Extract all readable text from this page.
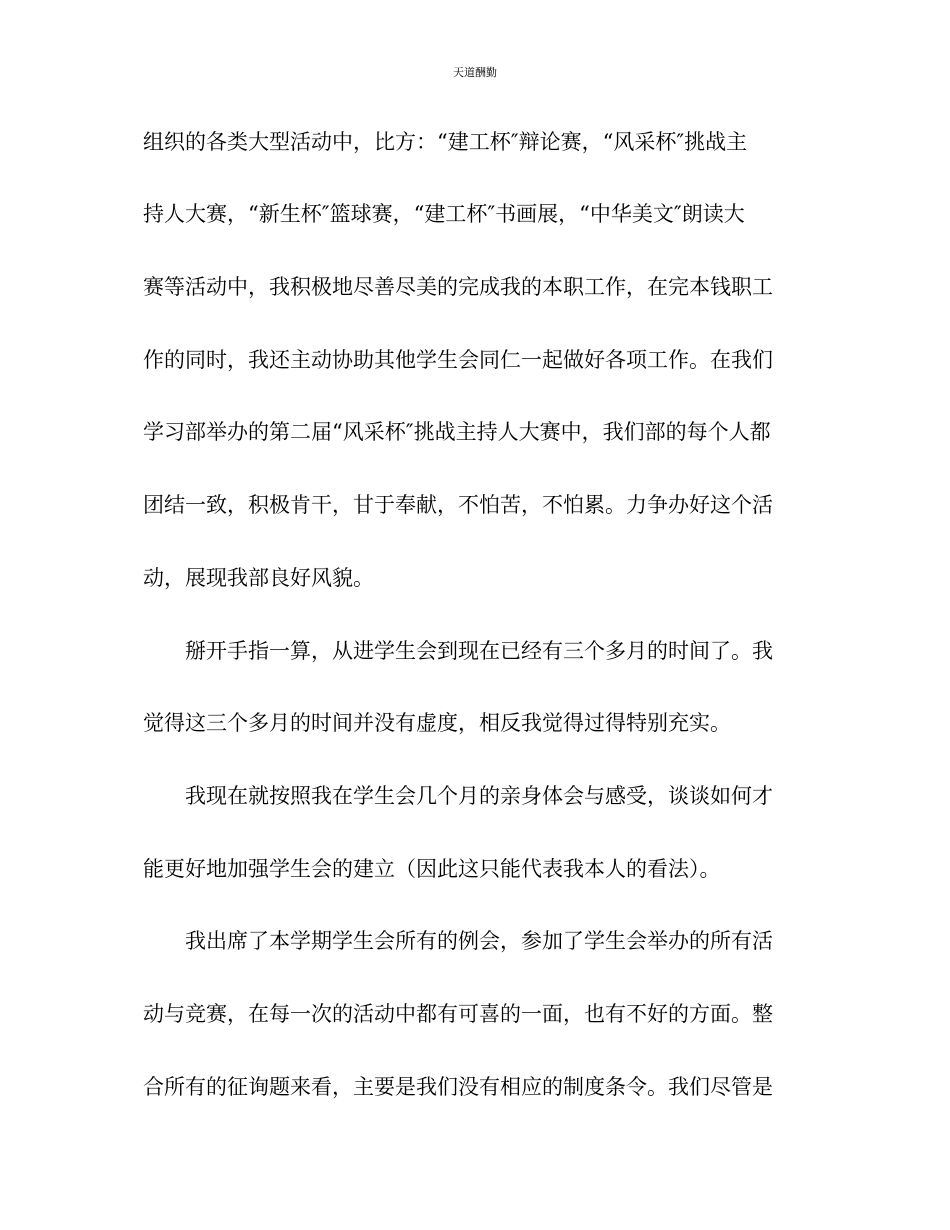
天道酬勤
组织的各类大型活动中，比方：“建工杯″辩论赛，“风采杯″挑战主
持人大赛，“新生杯″篮球赛，“建工杯″书画展，“中华美文″朗读大
赛等活动中，我积极地尽善尽美的完成我的本职工作，在完本钱职工
作的同时，我还主动协助其他学生会同仁一起做好各项工作。在我们
学习部举办的第二届“风采杯″挑战主持人大赛中，我们部的每个人都
团结一致，积极肯干，甘于奉献，不怕苦，不怕累。力争办好这个活
动，展现我部良好风貌。
掰开手指一算，从进学生会到现在已经有三个多月的时间了。我
觉得这三个多月的时间并没有虚度，相反我觉得过得特别充实。
我现在就按照我在学生会几个月的亲身体会与感受，谈谈如何才
能更好地加强学生会的建立（因此这只能代表我本人的看法）。
我出席了本学期学生会所有的例会，参加了学生会举办的所有活
动与竞赛，在每一次的活动中都有可喜的一面，也有不好的方面。整
合所有的征询题来看，主要是我们没有相应的制度条令。我们尽管是
